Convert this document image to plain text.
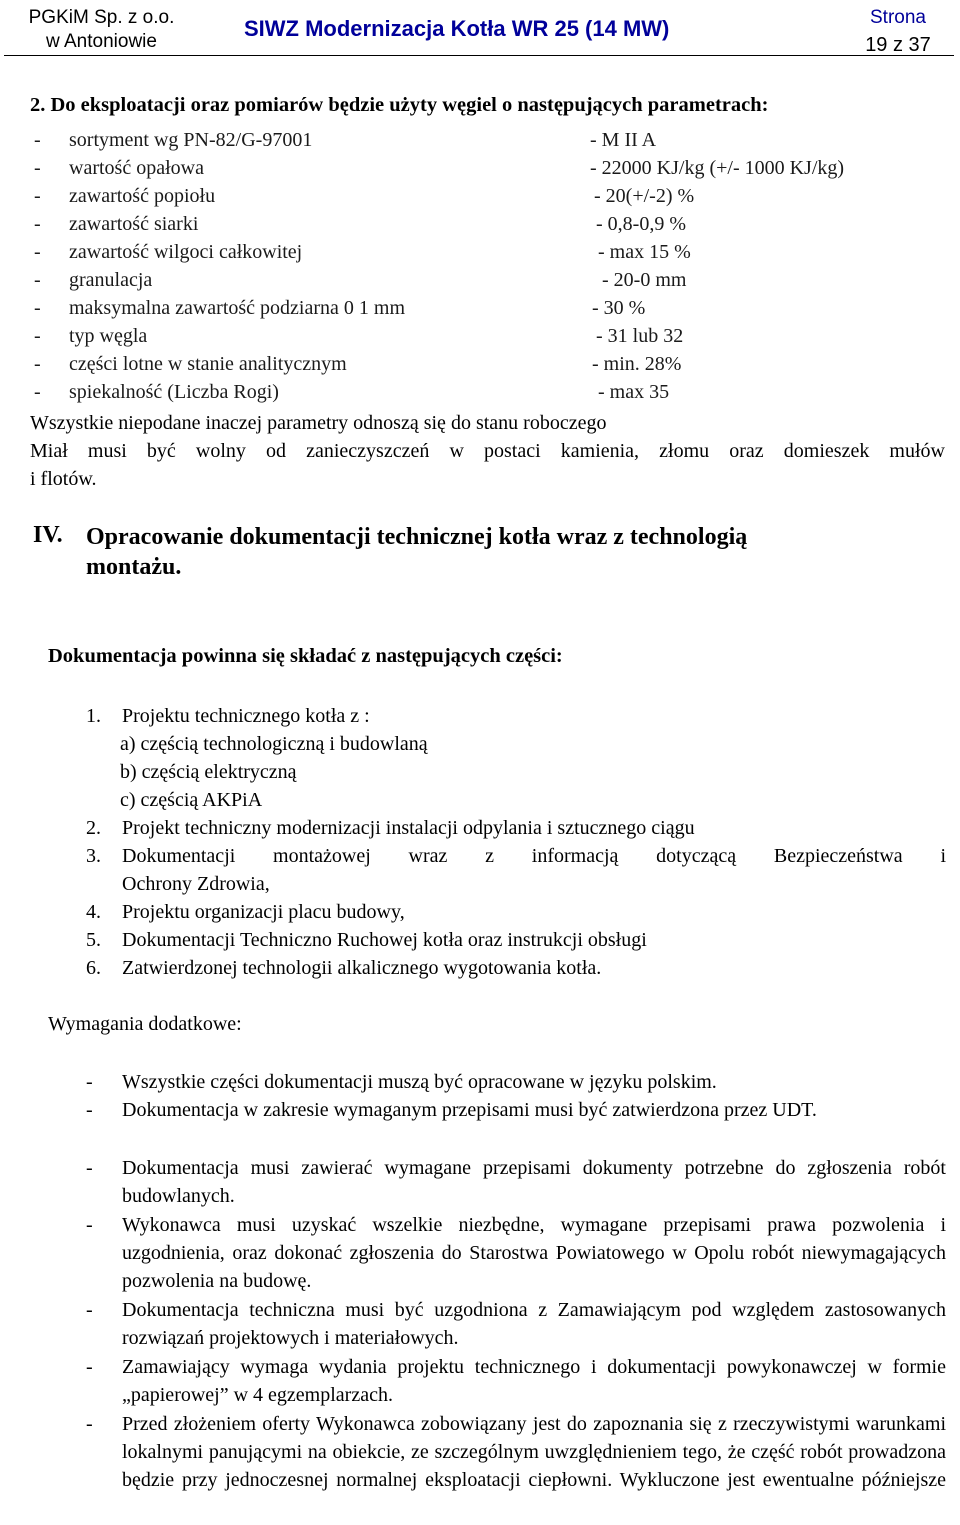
PGKiM Sp. z o.o.
w Antoniowie
SIWZ Modernizacja Kotła WR 25 (14 MW)	Strona
19 z 37
2. Do eksploatacji oraz pomiarów będzie użyty węgiel o następujących parametrach:
- sortyment wg PN-82/G-97001	- M II A
- wartość opałowa	- 22000 KJ/kg (+/- 1000 KJ/kg)
- zawartość popiołu	- 20(+/-2) %
- zawartość siarki	- 0,8-0,9 %
- zawartość wilgoci całkowitej	- max 15 %
- granulacja	- 20-0 mm
- maksymalna zawartość podziarna 0 1 mm	- 30 %
- typ węgla	- 31 lub 32
- części lotne w stanie analitycznym	- min. 28%
- spiekalność (Liczba Rogi)	- max 35
Wszystkie niepodane inaczej parametry odnoszą się do stanu roboczego
Miał musi być wolny od zanieczyszczeń w postaci kamienia, złomu oraz domieszek mułów
i flotów.
IV. Opracowanie dokumentacji technicznej kotła wraz z technologią
montażu.
Dokumentacja powinna się składać z następujących części:
1. Projektu technicznego kotła z :
a) częścią technologiczną i budowlaną
b) częścią elektryczną
c) częścią AKPiA
2. Projekt techniczny modernizacji instalacji odpylania i sztucznego ciągu
3. Dokumentacji montażowej wraz z informacją dotyczącą Bezpieczeństwa i
Ochrony Zdrowia,
4. Projektu organizacji placu budowy,
5. Dokumentacji Techniczno Ruchowej kotła oraz instrukcji obsługi
6. Zatwierdzonej technologii alkalicznego wygotowania kotła.
Wymagania dodatkowe:
- Wszystkie części dokumentacji muszą być opracowane w języku polskim.
- Dokumentacja w zakresie wymaganym przepisami musi być zatwierdzona przez UDT.
- Dokumentacja musi zawierać wymagane przepisami dokumenty potrzebne do zgłoszenia robót budowlanych.
- Wykonawca musi uzyskać wszelkie niezbędne, wymagane przepisami prawa pozwolenia i uzgodnienia, oraz dokonać zgłoszenia do Starostwa Powiatowego w Opolu robót niewymagających pozwolenia na budowę.
- Dokumentacja techniczna musi być uzgodniona z Zamawiającym pod względem zastosowanych rozwiązań projektowych i materiałowych.
- Zamawiający wymaga wydania projektu technicznego i dokumentacji powykonawczej w formie „papierowej” w 4 egzemplarzach.
- Przed złożeniem oferty Wykonawca zobowiązany jest do zapoznania się z rzeczywistymi warunkami lokalnymi panującymi na obiekcie, ze szczególnym uwzględnieniem tego, że część robót prowadzona będzie przy jednoczesnej normalnej eksploatacji ciepłowni. Wykluczone jest ewentualne późniejsze
